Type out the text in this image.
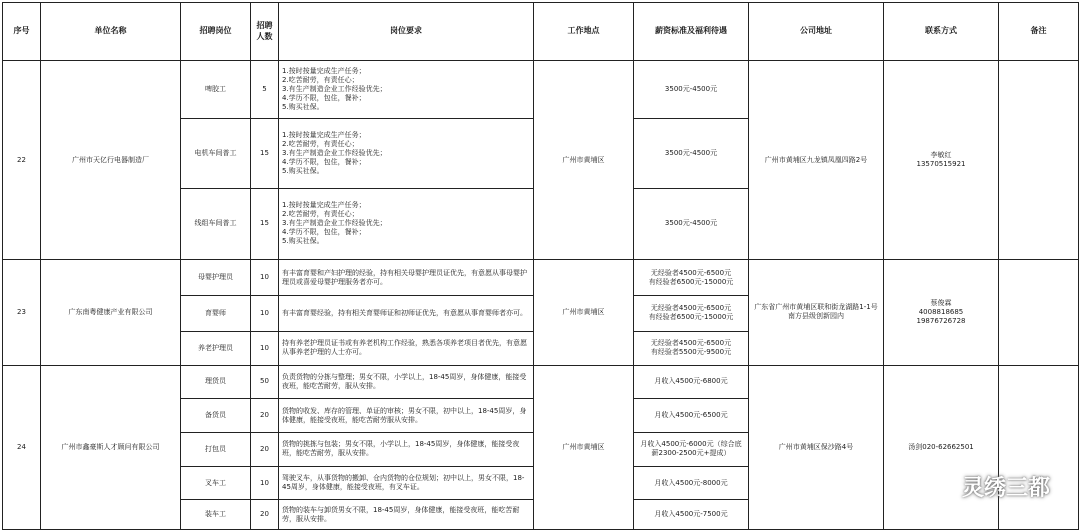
序号	单位名称	招聘岗位	招聘人数	岗位要求	工作地点	薪资标准及福利待遇	公司地址	联系方式	备注
22	广州市天亿行电器制造厂	啤胶工	5	1.按时按量完成生产任务；
2.吃苦耐劳，有责任心；
3.有生产制造企业工作经验优先；
4.学历不限，包住，餐补；
5.购买社保。	广州市黄埔区	3500元-4500元	广州市黄埔区九龙镇凤凰四路2号	李敏红
13570515921	

		电机车间普工	15	1.按时按量完成生产任务；
2.吃苦耐劳，有责任心；
3.有生产制造企业工作经验优先；
4.学历不限，包住，餐补；
5.购买社保。		3500元-4500元			

		线组车间普工	15	1.按时按量完成生产任务；
2.吃苦耐劳，有责任心；
3.有生产制造企业工作经验优先；
4.学历不限，包住，餐补；
5.购买社保。		3500元-4500元			

23	广东南粤健康产业有限公司	母婴护理员	10	有丰富育婴和产妇护理的经验，持有相关母婴护理员证优先，有意愿从事母婴护理员或喜爱母婴护理服务者亦可。	广州市黄埔区	无经验者4500元-6500元
有经验者6500元-15000元	广东省广州市黄埔区联和街龙湖路1-1号南方县级创新园内	蔡俊霖
4008818685
19876726728	

		育婴师	10	有丰富育婴经验，持有相关育婴师证和初师证优先，有意愿从事育婴师者亦可。		无经验者4500元-6500元
有经验者6500元-15000元			

		养老护理员	10	持有养老护理员证书或有养老机构工作经验，熟悉各项养老项目者优先，有意愿从事养老护理的人士亦可。		无经验者4500元-6500元
有经验者5500元-9500元			

24	广州市鑫豪斯人才顾问有限公司	理货员	50	负责货物的分拣与整理；男女不限，小学以上，18-45周岁，身体健康，能接受夜班，能吃苦耐劳，服从安排。	广州市黄埔区	月收入4500元-6800元	广州市黄埔区保沙路4号	汤剑020-62662501	

		备货员	20	货物的收发、库存的管理、单证的审核；男女不限，初中以上，18-45周岁，身体健康，能接受夜班，能吃苦耐劳服从安排。		月收入4500元-6500元			

		打包员	20	货物的挑拣与包装；男女不限，小学以上，18-45周岁，身体健康，能接受夜班，能吃苦耐劳，服从安排。		月收入4500元-6000元（综合底薪2300-2500元+提成）			

		叉车工	10	驾驶叉车，从事货物的搬卸、仓内货物的仓位规划；初中以上，男女不限，18-45周岁，身体健康，能接受夜班，有叉车证。		月收入4500元-8000元			

		装车工	20	货物的装车与卸货男女不限，18-45周岁，身体健康，能接受夜班，能吃苦耐劳，服从安排。		月收入4500元-7500元			
灵绣三都
